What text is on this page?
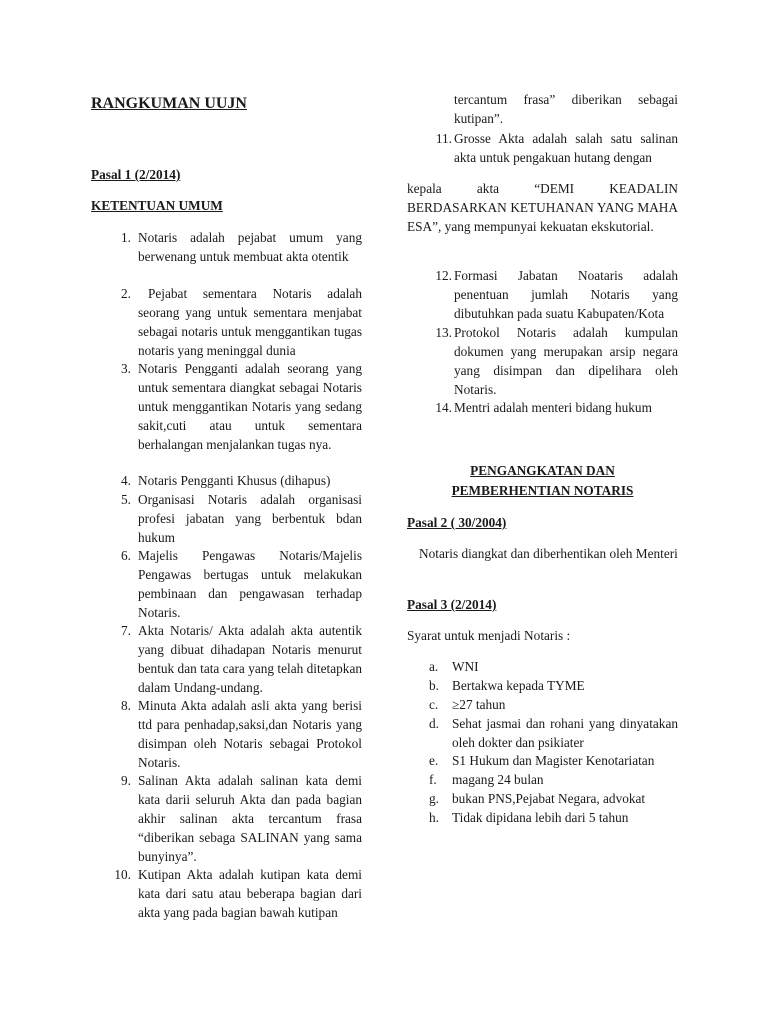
RANGKUMAN UUJN
Pasal 1 (2/2014)
KETENTUAN UMUM
1. Notaris adalah pejabat umum yang berwenang untuk membuat akta otentik
2.	Pejabat sementara Notaris adalah seorang yang untuk sementara menjabat sebagai notaris untuk menggantikan tugas notaris yang meninggal dunia
3. Notaris Pengganti adalah seorang yang untuk sementara diangkat sebagai Notaris untuk menggantikan Notaris yang sedang sakit,cuti atau untuk sementara berhalangan menjalankan tugas nya.
4. Notaris Pengganti Khusus (dihapus)
5. Organisasi Notaris adalah organisasi profesi jabatan yang berbentuk bdan hukum
6. Majelis Pengawas Notaris/Majelis Pengawas bertugas untuk melakukan pembinaan dan pengawasan terhadap Notaris.
7. Akta Notaris/ Akta adalah akta autentik yang dibuat dihadapan Notaris menurut bentuk dan tata cara yang telah ditetapkan dalam Undang-undang.
8. Minuta Akta adalah asli akta yang berisi ttd para penhadap,saksi,dan Notaris yang disimpan oleh Notaris sebagai Protokol Notaris.
9. Salinan Akta adalah salinan kata demi kata darii seluruh Akta dan pada bagian akhir salinan akta tercantum frasa “diberikan sebaga SALINAN yang sama bunyinya”.
10. Kutipan Akta adalah kutipan kata demi kata dari satu atau beberapa bagian dari akta yang pada bagian bawah kutipan
tercantum frasa” diberikan sebagai kutipan”.
11. Grosse Akta adalah salah satu salinan akta untuk pengakuan hutang dengan
kepala akta “DEMI KEADALIN BERDASARKAN KETUHANAN YANG MAHA ESA”, yang mempunyai kekuatan ekskutorial.
12. Formasi Jabatan Noataris adalah penentuan jumlah Notaris yang dibutuhkan pada suatu Kabupaten/Kota
13. Protokol Notaris adalah kumpulan dokumen yang merupakan arsip negara yang disimpan dan dipelihara oleh Notaris.
14. Mentri adalah menteri bidang hukum
PENGANGKATAN DAN
PEMBERHENTIAN NOTARIS
Pasal 2 ( 30/2004)
Notaris diangkat dan diberhentikan oleh Menteri
Pasal 3 (2/2014)
Syarat untuk menjadi Notaris :
a. WNI
b. Bertakwa kepada TYME
c. ≥27 tahun
d. Sehat jasmai dan rohani yang dinyatakan oleh dokter dan psikiater
e. S1 Hukum dan Magister Kenotariatan
f.	magang 24 bulan
g. bukan PNS,Pejabat Negara, advokat
h. Tidak dipidana lebih dari 5 tahun
